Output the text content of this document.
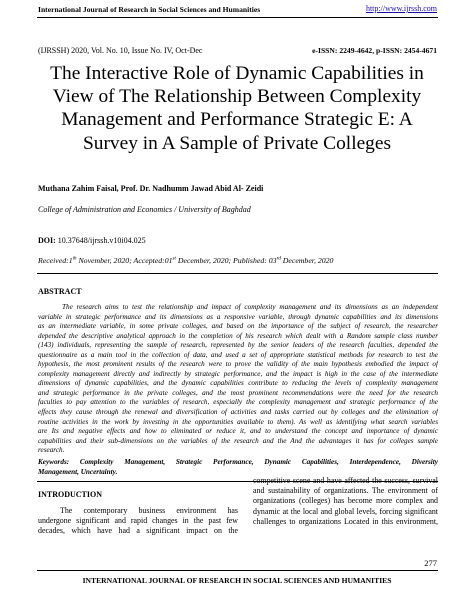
International Journal of Research in Social Sciences and Humanities	http://www.ijrssh.com
(IJRSSH) 2020, Vol. No. 10, Issue No. IV, Oct-Dec	e-ISSN: 2249-4642, p-ISSN: 2454-4671
The Interactive Role of Dynamic Capabilities in
View of The Relationship Between Complexity
Management and Performance Strategic E: A
Survey in A Sample of Private Colleges
Muthana Zahim Faisal, Prof. Dr. Nadhumm Jawad Abid Al- Zeidi
College of Administration and Economics / University of Baghdad
DOI: 10.37648/ijrssh.v10i04.025
Received:1th November, 2020; Accepted:01st December, 2020; Published: 03rd December, 2020
ABSTRACT
The research aims to test the relationship and impact of complexity management and its dimensions as an independent
variable in strategic performance and its dimensions as a responsive variable, through dynamic capabilities and its dimensions
as an intermediate variable, in some private colleges, and based on the importance of the subject of research, the researcher
depended the descriptive analytical approach in the completion of his research which dealt with a Random sample class number
(143) individuals, representing the sample of research, represented by the senior leaders of the research faculties, depended the
questionnaire as a main tool in the collection of data, and used a set of appropriate statistical methods for research to test the
hypothesis, the most prominent results of the research were to prove the validity of the main hypothesis embodied the impact of
complexity management directly and indirectly by strategic performance, and the impact is high in the case of the intermediate
dimensions of dynamic capabilities, and the dynamic capabilities contribute to reducing the levels of complexity management
and strategic performance in the private colleges, and the most prominent recommendations were the need for the research
faculties to pay attention to the variables of research, especially the complexity management and strategic performance of the
effects they cause through the renewal and diversification of activities and tasks carried out by colleges and the elimination of
routine activities in the work by investing in the opportunities available to them). As well as identifying what search variables
are Its and negative effects and how to eliminated or reduce it, and to understand the concept and importance of dynamic
capabilities and their sub-dimensions on the variables of the research and the And the advantages it has for colleges sample
research.
Keywords: Complexity Management, Strategic Performance, Dynamic Capabilities, Interdependence, Diversity
Management, Uncertainty.
INTRODUCTION
The contemporary business environment has
undergone significant and rapid changes in the past few
decades, which have had a significant impact on the
competitive scene and have affected the success, survival
and sustainability of organizations. The environment of
organizations (colleges) has become more complex and
dynamic at the local and global levels, forcing significant
challenges to organizations Located in this environment,
277
INTERNATIONAL JOURNAL OF RESEARCH IN SOCIAL SCIENCES AND HUMANITIES
